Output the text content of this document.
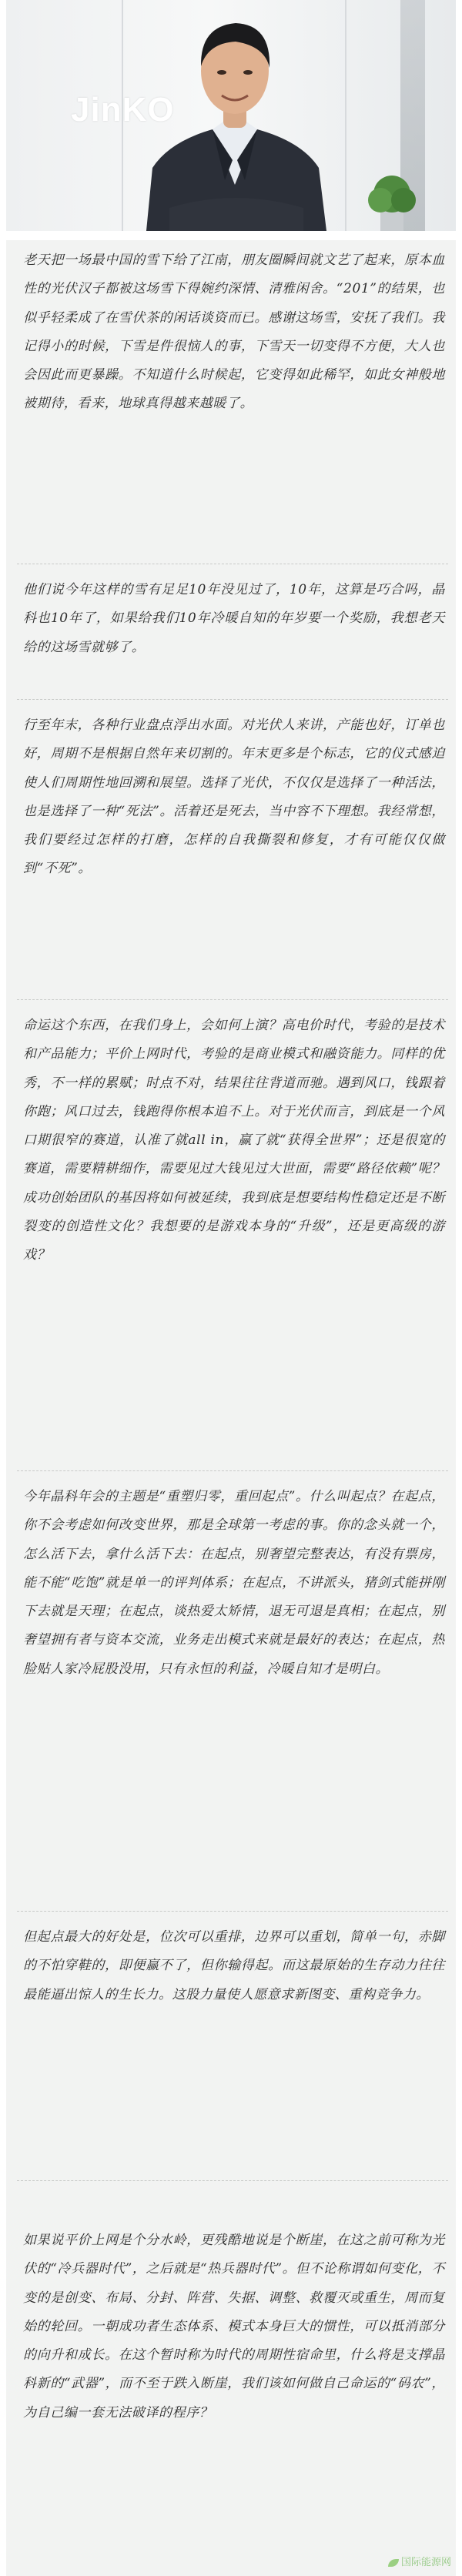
JinKO

老天把一场最中国的雪下给了江南，朋友圈瞬间就文艺了起来，原本血性的光伏汉子都被这场雪下得婉约深情、清雅闲舍。“201”的结果，也似乎轻柔成了在雪伏茶的闲话谈资而已。感谢这场雪，安抚了我们。我记得小的时候，下雪是件很恼人的事，下雪天一切变得不方便，大人也会因此而更暴躁。不知道什么时候起，它变得如此稀罕，如此女神般地被期待，看来，地球真得越来越暖了。

他们说今年这样的雪有足足10年没见过了，10年，这算是巧合吗，晶科也10年了，如果给我们10年冷暖自知的年岁要一个奖励，我想老天给的这场雪就够了。

行至年末，各种行业盘点浮出水面。对光伏人来讲，产能也好，订单也好，周期不是根据自然年来切割的。年末更多是个标志，它的仪式感迫使人们周期性地回溯和展望。选择了光伏，不仅仅是选择了一种活法，也是选择了一种“死法”。活着还是死去，当中容不下理想。我经常想，我们要经过怎样的打磨，怎样的自我撕裂和修复，才有可能仅仅做到“不死”。

命运这个东西，在我们身上，会如何上演？高电价时代，考验的是技术和产品能力；平价上网时代，考验的是商业模式和融资能力。同样的优秀，不一样的累赋；时点不对，结果往往背道而驰。遇到风口，钱跟着你跑；风口过去，钱跑得你根本追不上。对于光伏而言，到底是一个风口期很窄的赛道，认准了就all in，赢了就“获得全世界”；还是很宽的赛道，需要精耕细作，需要见过大钱见过大世面，需要“路径依赖”呢？成功创始团队的基因将如何被延续，我到底是想要结构性稳定还是不断裂变的创造性文化？我想要的是游戏本身的“升级”，还是更高级的游戏？

今年晶科年会的主题是“重塑归零，重回起点”。什么叫起点？在起点，你不会考虑如何改变世界，那是全球第一考虑的事。你的念头就一个，怎么活下去，拿什么活下去：在起点，别奢望完整表达，有没有票房，能不能“吃饱”就是单一的评判体系；在起点，不讲派头，猪剑式能拼刚下去就是天理；在起点，谈热爱太矫情，退无可退是真相；在起点，别奢望拥有者与资本交流，业务走出模式来就是最好的表达；在起点，热脸贴人家冷屁股没用，只有永恒的利益，冷暖自知才是明白。

但起点最大的好处是，位次可以重排，边界可以重划，简单一句，赤脚的不怕穿鞋的，即便赢不了，但你输得起。而这最原始的生存动力往往最能逼出惊人的生长力。这股力量使人愿意求新图变、重构竞争力。

如果说平价上网是个分水岭，更残酷地说是个断崖，在这之前可称为光伏的“冷兵器时代”，之后就是“热兵器时代”。但不论称谓如何变化，不变的是创变、布局、分封、阵营、失据、调整、救覆灭或重生，周而复始的轮回。一朝成功者生态体系、模式本身巨大的惯性，可以抵消部分的向升和成长。在这个暂时称为时代的周期性宿命里，什么将是支撑晶科新的“武器”，而不至于跌入断崖，我们该如何做自己命运的“码农”，为自己编一套无法破译的程序？

国际能源网
